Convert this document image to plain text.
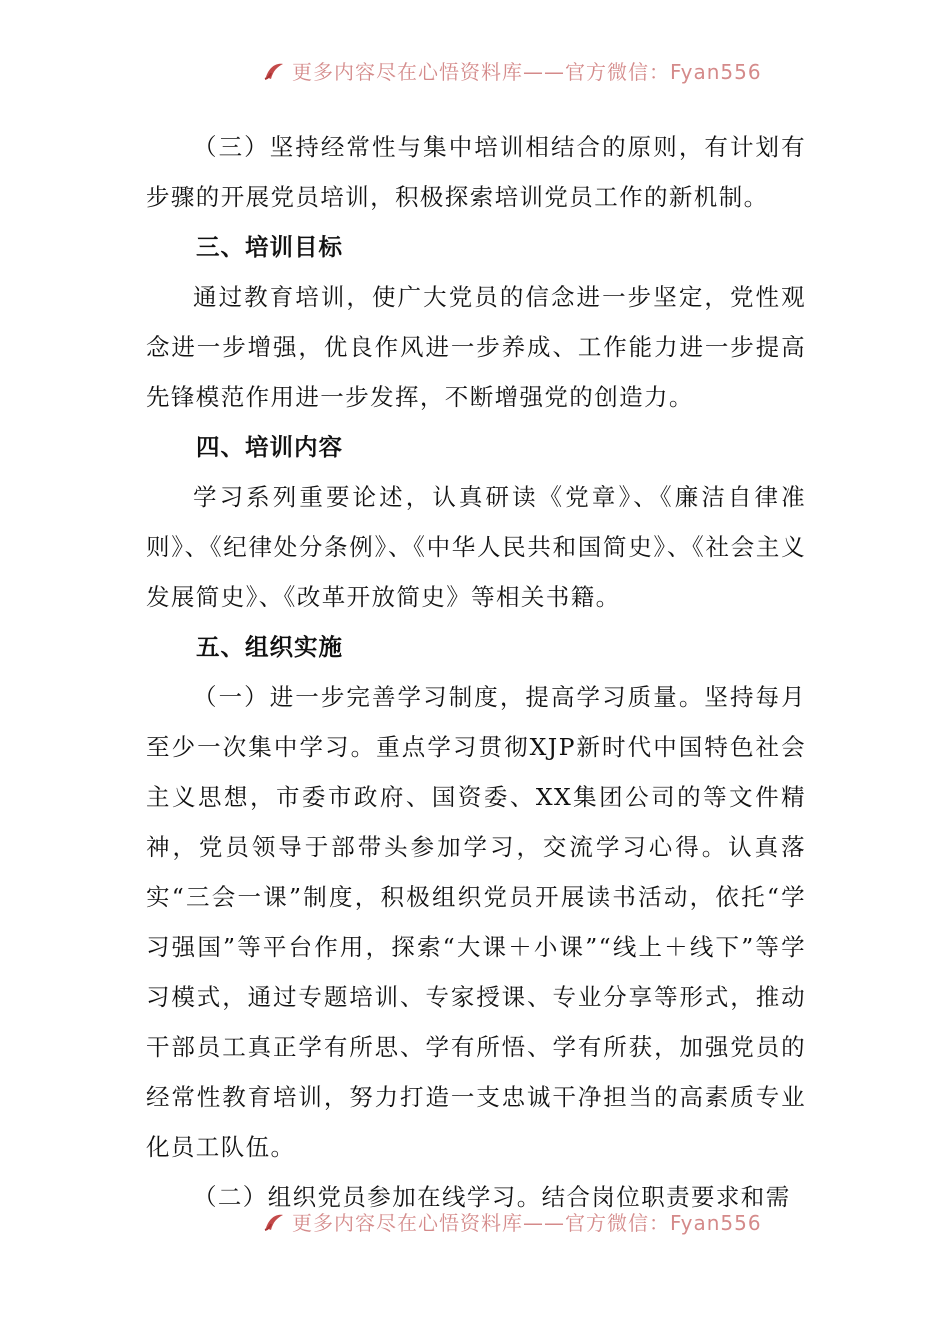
更多内容尽在心悟资料库——官方微信：Fyan556

（三）坚持经常性与集中培训相结合的原则，有计划有步骤的开展党员培训，积极探索培训党员工作的新机制。

三、培训目标

通过教育培训，使广大党员的信念进一步坚定，党性观念进一步增强，优良作风进一步养成、工作能力进一步提高先锋模范作用进一步发挥，不断增强党的创造力。

四、培训内容

学习系列重要论述，认真研读《党章》、《廉洁自律准则》、《纪律处分条例》、《中华人民共和国简史》、《社会主义发展简史》、《改革开放简史》等相关书籍。

五、组织实施

（一）进一步完善学习制度，提高学习质量。坚持每月至少一次集中学习。重点学习贯彻XJP新时代中国特色社会主义思想，市委市政府、国资委、XX集团公司的等文件精神，党员领导于部带头参加学习，交流学习心得。认真落实“三会一课”制度，积极组织党员开展读书活动，依托“学习强国”等平台作用，探索“大课＋小课”“线上＋线下”等学习模式，通过专题培训、专家授课、专业分享等形式，推动干部员工真正学有所思、学有所悟、学有所获，加强党员的经常性教育培训，努力打造一支忠诚干净担当的高素质专业化员工队伍。

（二）组织党员参加在线学习。结合岗位职责要求和需

更多内容尽在心悟资料库——官方微信：Fyan556
